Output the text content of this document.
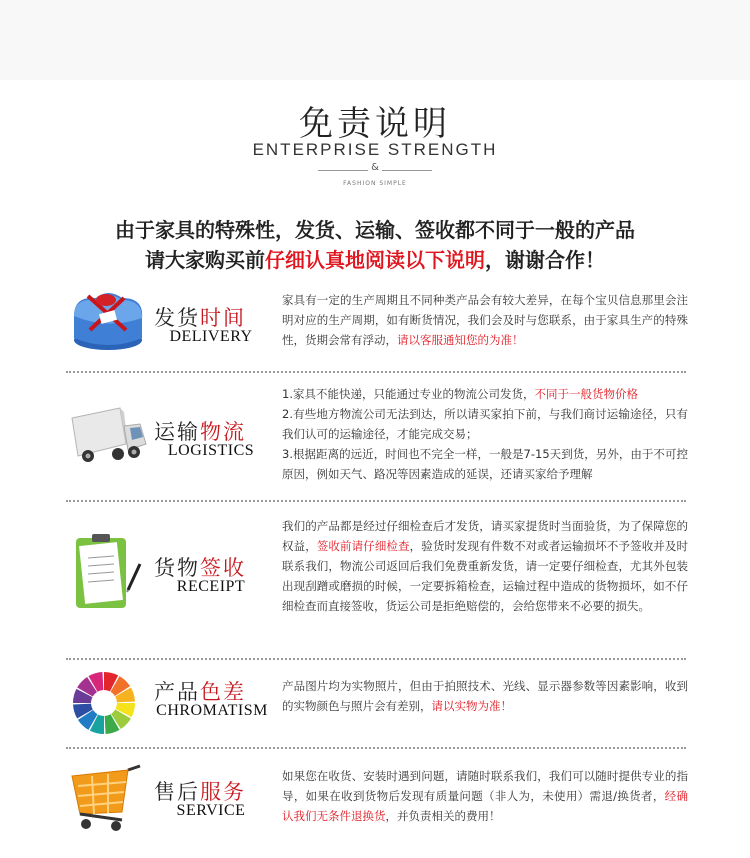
免责说明
ENTERPRISE STRENGTH
&
FASHION SIMPLE
由于家具的特殊性，发货、运输、签收都不同于一般的产品
请大家购买前仔细认真地阅读以下说明，谢谢合作！
发货时间
DELIVERY

家具有一定的生产周期且不同种类产品会有较大差异，在每个宝贝信息那里会注明对应的生产周期，如有断货情况，我们会及时与您联系，由于家具生产的特殊性，货期会常有浮动，请以客服通知您的为准！

运输物流
LOGISTICS

1.家具不能快递，只能通过专业的物流公司发货，不同于一般货物价格

2.有些地方物流公司无法到达，所以请买家拍下前，与我们商讨运输途径，只有我们认可的运输途径，才能完成交易；

3.根据距离的远近，时间也不完全一样，一般是7-15天到货，另外，由于不可控原因，例如天气、路况等因素造成的延误，还请买家给予理解

货物签收
RECEIPT

我们的产品都是经过仔细检查后才发货，请买家提货时当面验货，为了保障您的权益，签收前请仔细检查，验货时发现有件数不对或者运输损坏不予签收并及时联系我们，物流公司返回后我们免费重新发货，请一定要仔细检查，尤其外包装出现刮蹭或磨损的时候，一定要拆箱检查，运输过程中造成的货物损坏，如不仔细检查而直接签收，货运公司是拒绝赔偿的，会给您带来不必要的损失。

产品色差
CHROMATISM

产品图片均为实物照片，但由于拍照技术、光线、显示器参数等因素影响，收到的实物颜色与照片会有差别，请以实物为准！

售后服务
SERVICE

如果您在收货、安装时遇到问题，请随时联系我们，我们可以随时提供专业的指导，如果在收到货物后发现有质量问题（非人为，未使用）需退/换货者，经确认我们无条件退换货，并负责相关的费用！
